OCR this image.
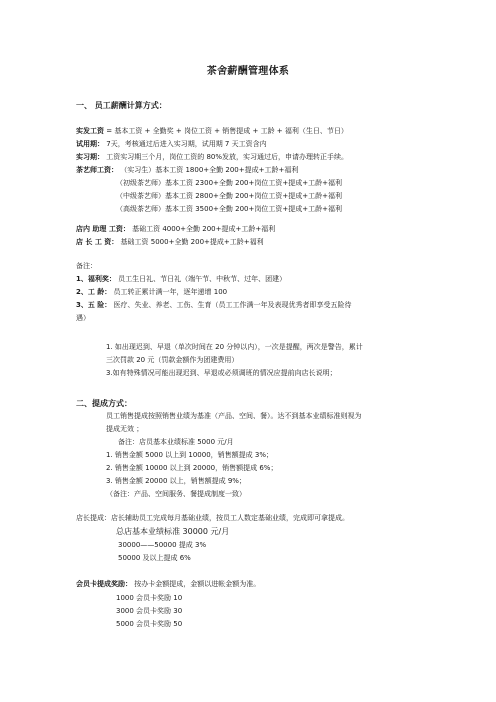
茶舍薪酬管理体系
一、 员工薪酬计算方式：
实发工资 = 基本工资 + 全勤奖 + 岗位工资 + 销售提成 + 工龄 + 福利（生日、节日）
试用期： 7天，考核通过后进入实习期，试用期 7 天工资含内
实习期： 工资实习期三个月，岗位工资的 80%发放，实习通过后，申请办理转正手续。
茶艺师工资： （实习生）基本工资 1800+全勤 200+提成+工龄+福利
（初级茶艺师）基本工资 2300+全勤 200+岗位工资+提成+工龄+福利
（中级茶艺师）基本工资 2800+全勤 200+岗位工资+提成+工龄+福利
（高级茶艺师）基本工资 3500+全勤 200+岗位工资+提成+工龄+福利
店内 助理 工资： 基础工资 4000+全勤 200+提成+工龄+福利
店 长 工 资： 基础工资 5000+全勤 200+提成+工龄+福利
备注：
1、福利奖： 员工生日礼、节日礼（端午节、中秋节、过年、团建）
2、工 龄： 员工转正累计满一年，逐年递增 100
3、五 险： 医疗、失业、养老、工伤、生育（员工工作满一年及表现优秀者即享受五险待
遇）
1. 如出现迟到、早退（单次时间在 20 分钟以内），一次是提醒，两次是警告，累计
三次罚款 20 元（罚款金额作为团建费用）
3.如有特殊情况可能出现迟到、早退或必须调班的情况应提前向店长说明；
二、提成方式：
员工销售提成按照销售业绩为基准（产品、空间、餐）。达不到基本业绩标准则视为
提成无效 ；
备注：店员基本业绩标准 5000 元/月
1. 销售金额 5000 以上到 10000，销售额提成 3%；
2. 销售金额 10000 以上到 20000，销售额提成 6%；
3. 销售金额 20000 以上，销售额提成 9%；
（备注：产品、空间服务、餐提成制度一致）
店长提成：店长辅助员工完成每月基础业绩，按员工人数定基础业绩，完成即可拿提成。
总店基本业绩标准 30000 元/月
30000——50000 提成 3%
50000 及以上提成 6%
会员卡提成奖励： 按办卡金额提成，金额以进帐金额为准。
1000 会员卡奖励 10
3000 会员卡奖励 30
5000 会员卡奖励 50
